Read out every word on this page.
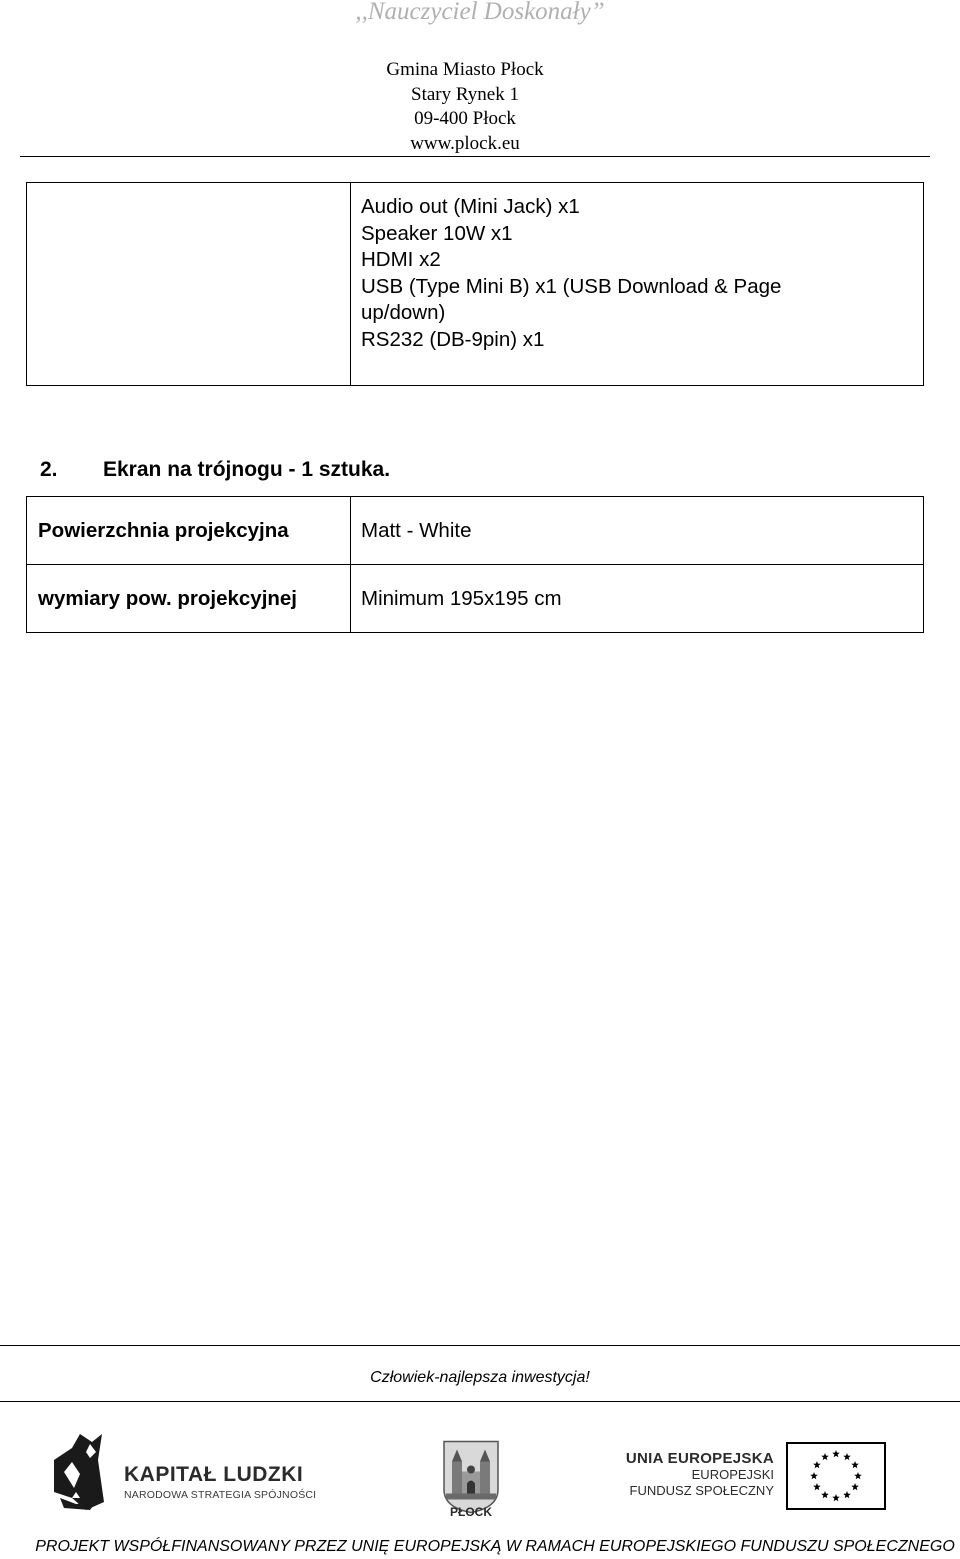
,,Nauczyciel Doskonały”
Gmina Miasto Płock
Stary Rynek 1
09-400 Płock
www.plock.eu

Audio out (Mini Jack) x1
Speaker 10W x1
HDMI x2
USB (Type Mini B) x1 (USB Download & Page
up/down)
RS232 (DB-9pin) x1
2. Ekran na trójnogu - 1 sztuka.
Powierzchnia projekcyjna	Matt - White
wymiary pow. projekcyjnej	Minimum 195x195 cm
Człowiek-najlepsza inwestycja!
KAPITAŁ LUDZKI
NARODOWA STRATEGIA SPÓJNOŚCI
PŁOCK
UNIA EUROPEJSKA
EUROPEJSKI
FUNDUSZ SPOŁECZNY
PROJEKT WSPÓŁFINANSOWANY PRZEZ UNIĘ EUROPEJSKĄ W RAMACH EUROPEJSKIEGO FUNDUSZU SPOŁECZNEGO
